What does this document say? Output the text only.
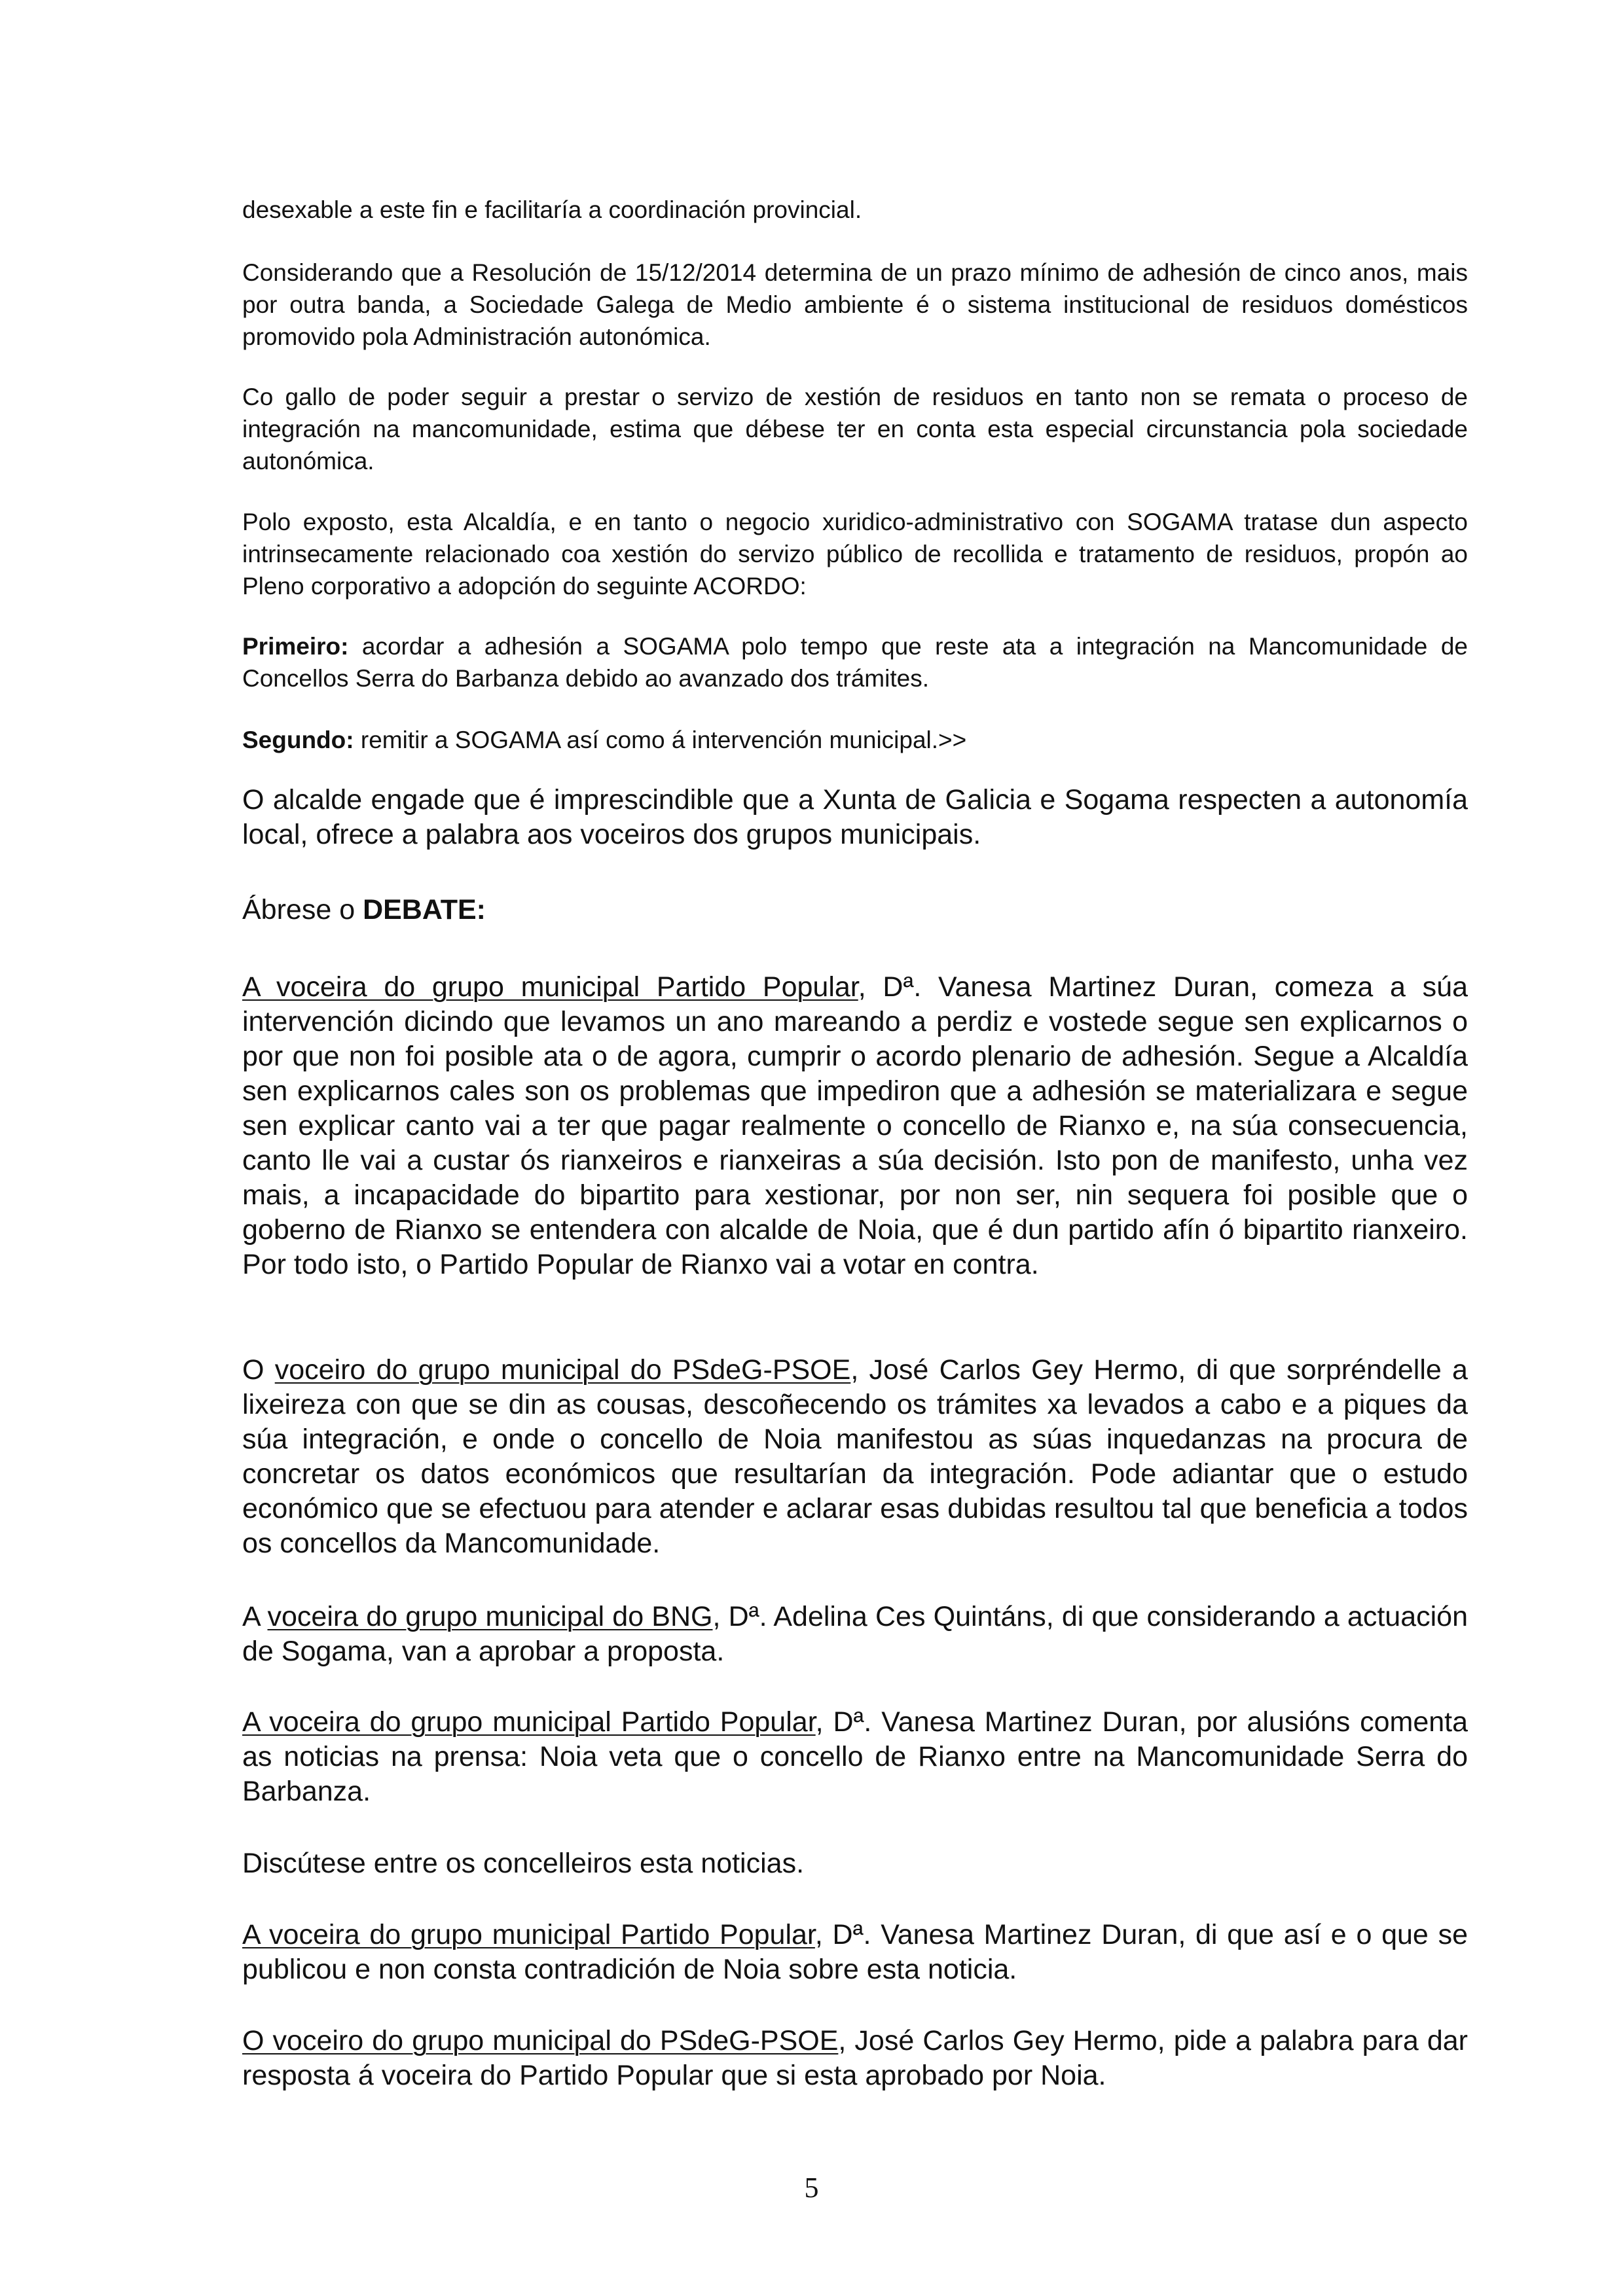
desexable a este fin e facilitaría a coordinación provincial.

Considerando que a Resolución de 15/12/2014 determina de un prazo mínimo de adhesión de cinco anos, mais por outra banda, a Sociedade Galega de Medio ambiente é o sistema institucional de residuos domésticos promovido pola Administración autonómica.

Co gallo de poder seguir a prestar o servizo de xestión de residuos en tanto non se remata o proceso de integración na mancomunidade, estima que débese ter en conta esta especial circunstancia pola sociedade autonómica.

Polo exposto, esta Alcaldía, e en tanto o negocio xuridico-administrativo con SOGAMA tratase dun aspecto intrinsecamente relacionado coa xestión do servizo público de recollida e tratamento de residuos, propón ao Pleno corporativo a adopción do seguinte ACORDO:

Primeiro: acordar a adhesión a SOGAMA polo tempo que reste ata a integración na Mancomunidade de Concellos Serra do Barbanza debido ao avanzado dos trámites.

Segundo: remitir a SOGAMA así como á intervención municipal.>>

O alcalde engade que é imprescindible que a Xunta de Galicia e Sogama respecten a autonomía local, ofrece a palabra aos voceiros dos grupos municipais.

Ábrese o DEBATE:

A voceira do grupo municipal Partido Popular, Dª. Vanesa Martinez Duran, comeza a súa intervención dicindo que levamos un ano mareando a perdiz e vostede segue sen explicarnos o por que non foi posible ata o de agora, cumprir o acordo plenario de adhesión. Segue a Alcaldía sen explicarnos cales son os problemas que impediron que a adhesión se materializara e segue sen explicar canto vai a ter que pagar realmente o concello de Rianxo e, na súa consecuencia, canto lle vai a custar ós rianxeiros e rianxeiras a súa decisión. Isto pon de manifesto, unha vez mais, a incapacidade do bipartito para xestionar, por non ser, nin sequera foi posible que o goberno de Rianxo se entendera con alcalde de Noia, que é dun partido afín ó bipartito rianxeiro. Por todo isto, o Partido Popular de Rianxo vai a votar en contra.

O voceiro do grupo municipal do PSdeG-PSOE, José Carlos Gey Hermo, di que sorpréndelle a lixeireza con que se din as cousas, descoñecendo os trámites xa levados a cabo e a piques da súa integración, e onde o concello de Noia manifestou as súas inquedanzas na procura de concretar os datos económicos que resultarían da integración. Pode adiantar que o estudo económico que se efectuou para atender e aclarar esas dubidas resultou tal que beneficia a todos os concellos da Mancomunidade.

A voceira do grupo municipal do BNG, Dª. Adelina Ces Quintáns, di que considerando a actuación de Sogama, van a aprobar a proposta.

A voceira do grupo municipal Partido Popular, Dª. Vanesa Martinez Duran, por alusións comenta as noticias na prensa: Noia veta que o concello de Rianxo entre na Mancomunidade Serra do Barbanza.

Discútese entre os concelleiros esta noticias.

A voceira do grupo municipal Partido Popular, Dª. Vanesa Martinez Duran, di que así e o que se publicou e non consta contradición de Noia sobre esta noticia.

O voceiro do grupo municipal do PSdeG-PSOE, José Carlos Gey Hermo, pide a palabra para dar resposta á voceira do Partido Popular que si esta aprobado por Noia.

5
